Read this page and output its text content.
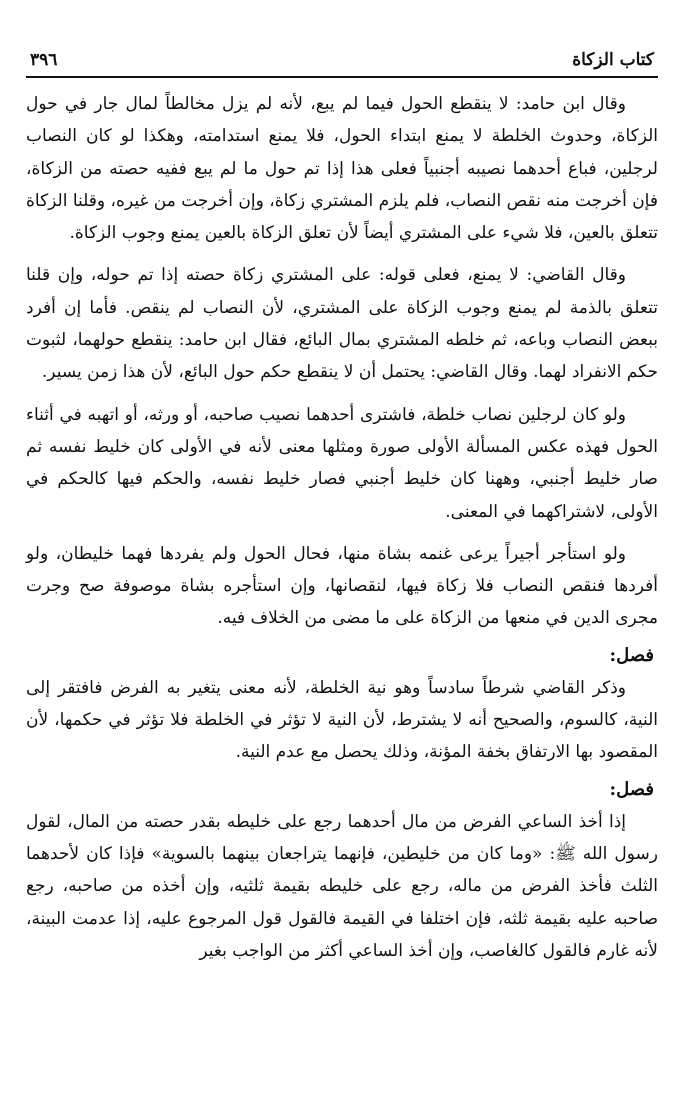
كتاب الزكاة
٣٩٦
وقال ابن حامد: لا ينقطع الحول فيما لم يبع، لأنه لم يزل مخالطاً لمال جار في حول الزكاة، وحدوث الخلطة لا يمنع ابتداء الحول، فلا يمنع استدامته، وهكذا لو كان النصاب لرجلين، فباع أحدهما نصيبه أجنبياً فعلى هذا إذا تم حول ما لم يبع ففيه حصته من الزكاة، فإن أخرجت منه نقص النصاب، فلم يلزم المشتري زكاة، وإن أخرجت من غيره، وقلنا الزكاة تتعلق بالعين، فلا شيء على المشتري أيضاً لأن تعلق الزكاة بالعين يمنع وجوب الزكاة.
وقال القاضي: لا يمنع، فعلى قوله: على المشتري زكاة حصته إذا تم حوله، وإن قلنا تتعلق بالذمة لم يمنع وجوب الزكاة على المشتري، لأن النصاب لم ينقص. فأما إن أفرد ببعض النصاب وباعه، ثم خلطه المشتري بمال البائع، فقال ابن حامد: ينقطع حولهما، لثبوت حكم الانفراد لهما. وقال القاضي: يحتمل أن لا ينقطع حكم حول البائع، لأن هذا زمن يسير.
ولو كان لرجلين نصاب خلطة، فاشترى أحدهما نصيب صاحبه، أو ورثه، أو اتهبه في أثناء الحول فهذه عكس المسألة الأولى صورة ومثلها معنى لأنه في الأولى كان خليط نفسه ثم صار خليط أجنبي، وههنا كان خليط أجنبي فصار خليط نفسه، والحكم فيها كالحكم في الأولى، لاشتراكهما في المعنى.
ولو استأجر أجيراً يرعى غنمه بشاة منها، فحال الحول ولم يفردها فهما خليطان، ولو أفردها فنقص النصاب فلا زكاة فيها، لنقصانها، وإن استأجره بشاة موصوفة صح وجرت مجرى الدين في منعها من الزكاة على ما مضى من الخلاف فيه.
فصل:
وذكر القاضي شرطاً سادساً وهو نية الخلطة، لأنه معنى يتغير به الفرض فافتقر إلى النية، كالسوم، والصحيح أنه لا يشترط، لأن النية لا تؤثر في الخلطة فلا تؤثر في حكمها، لأن المقصود بها الارتفاق بخفة المؤنة، وذلك يحصل مع عدم النية.
فصل:
إذا أخذ الساعي الفرض من مال أحدهما رجع على خليطه بقدر حصته من المال، لقول رسول الله ﷺ: «وما كان من خليطين، فإنهما يتراجعان بينهما بالسوية» فإذا كان لأحدهما الثلث فأخذ الفرض من ماله، رجع على خليطه بقيمة ثلثيه، وإن أخذه من صاحبه، رجع صاحبه عليه بقيمة ثلثه، فإن اختلفا في القيمة فالقول قول المرجوع عليه، إذا عدمت البينة، لأنه غارم فالقول كالغاصب، وإن أخذ الساعي أكثر من الواجب بغير
